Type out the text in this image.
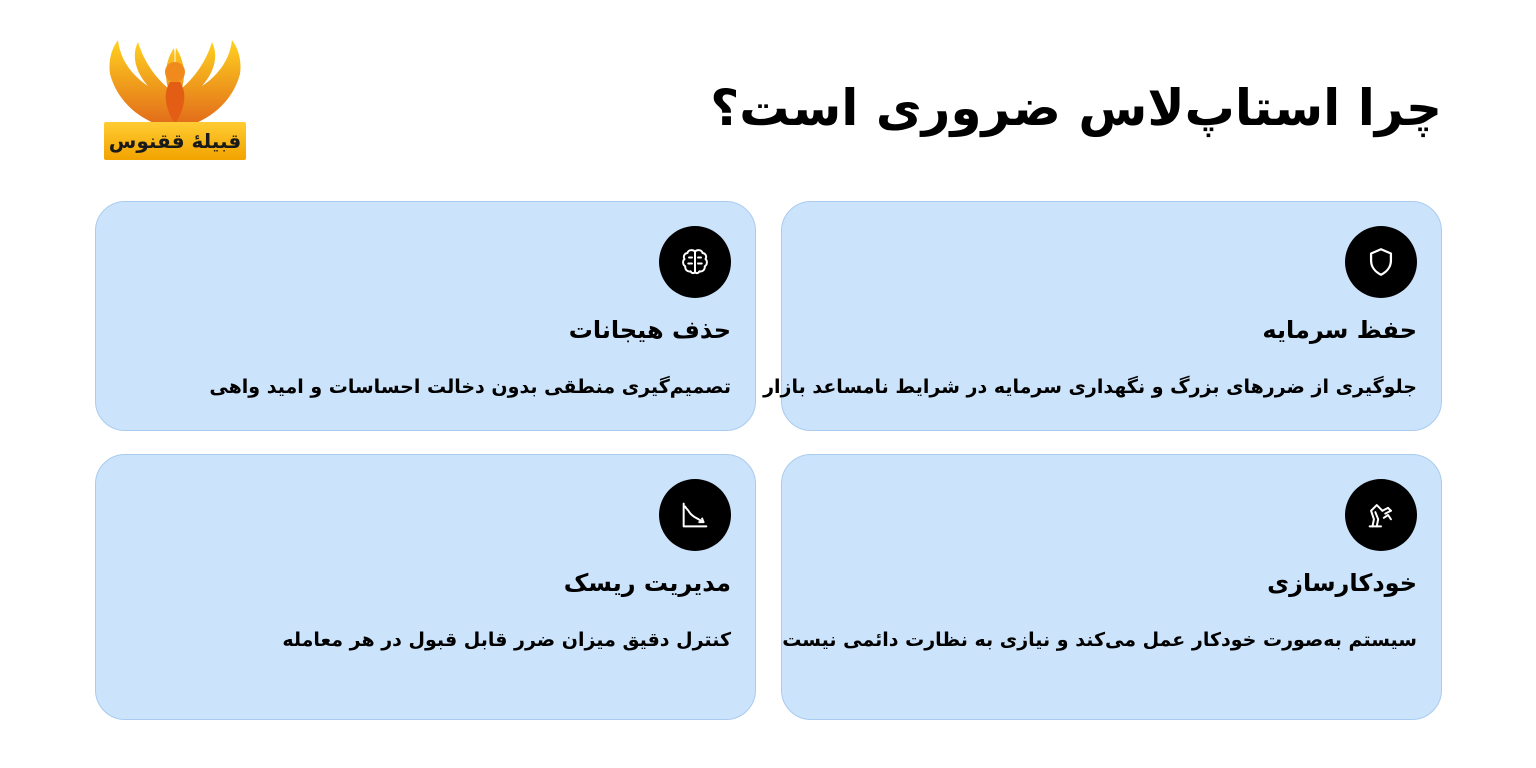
قبیلهٔ ققنوس
چرا استاپ‌لاس ضروری است؟
حفظ سرمایه

جلوگیری از ضررهای بزرگ و نگهداری سرمایه در شرایط نامساعد بازار

حذف هیجانات

تصمیم‌گیری منطقی بدون دخالت احساسات و امید واهی

خودکارسازی

سیستم به‌صورت خودکار عمل می‌کند و نیازی به نظارت دائمی نیست

مدیریت ریسک

کنترل دقیق میزان ضرر قابل قبول در هر معامله
